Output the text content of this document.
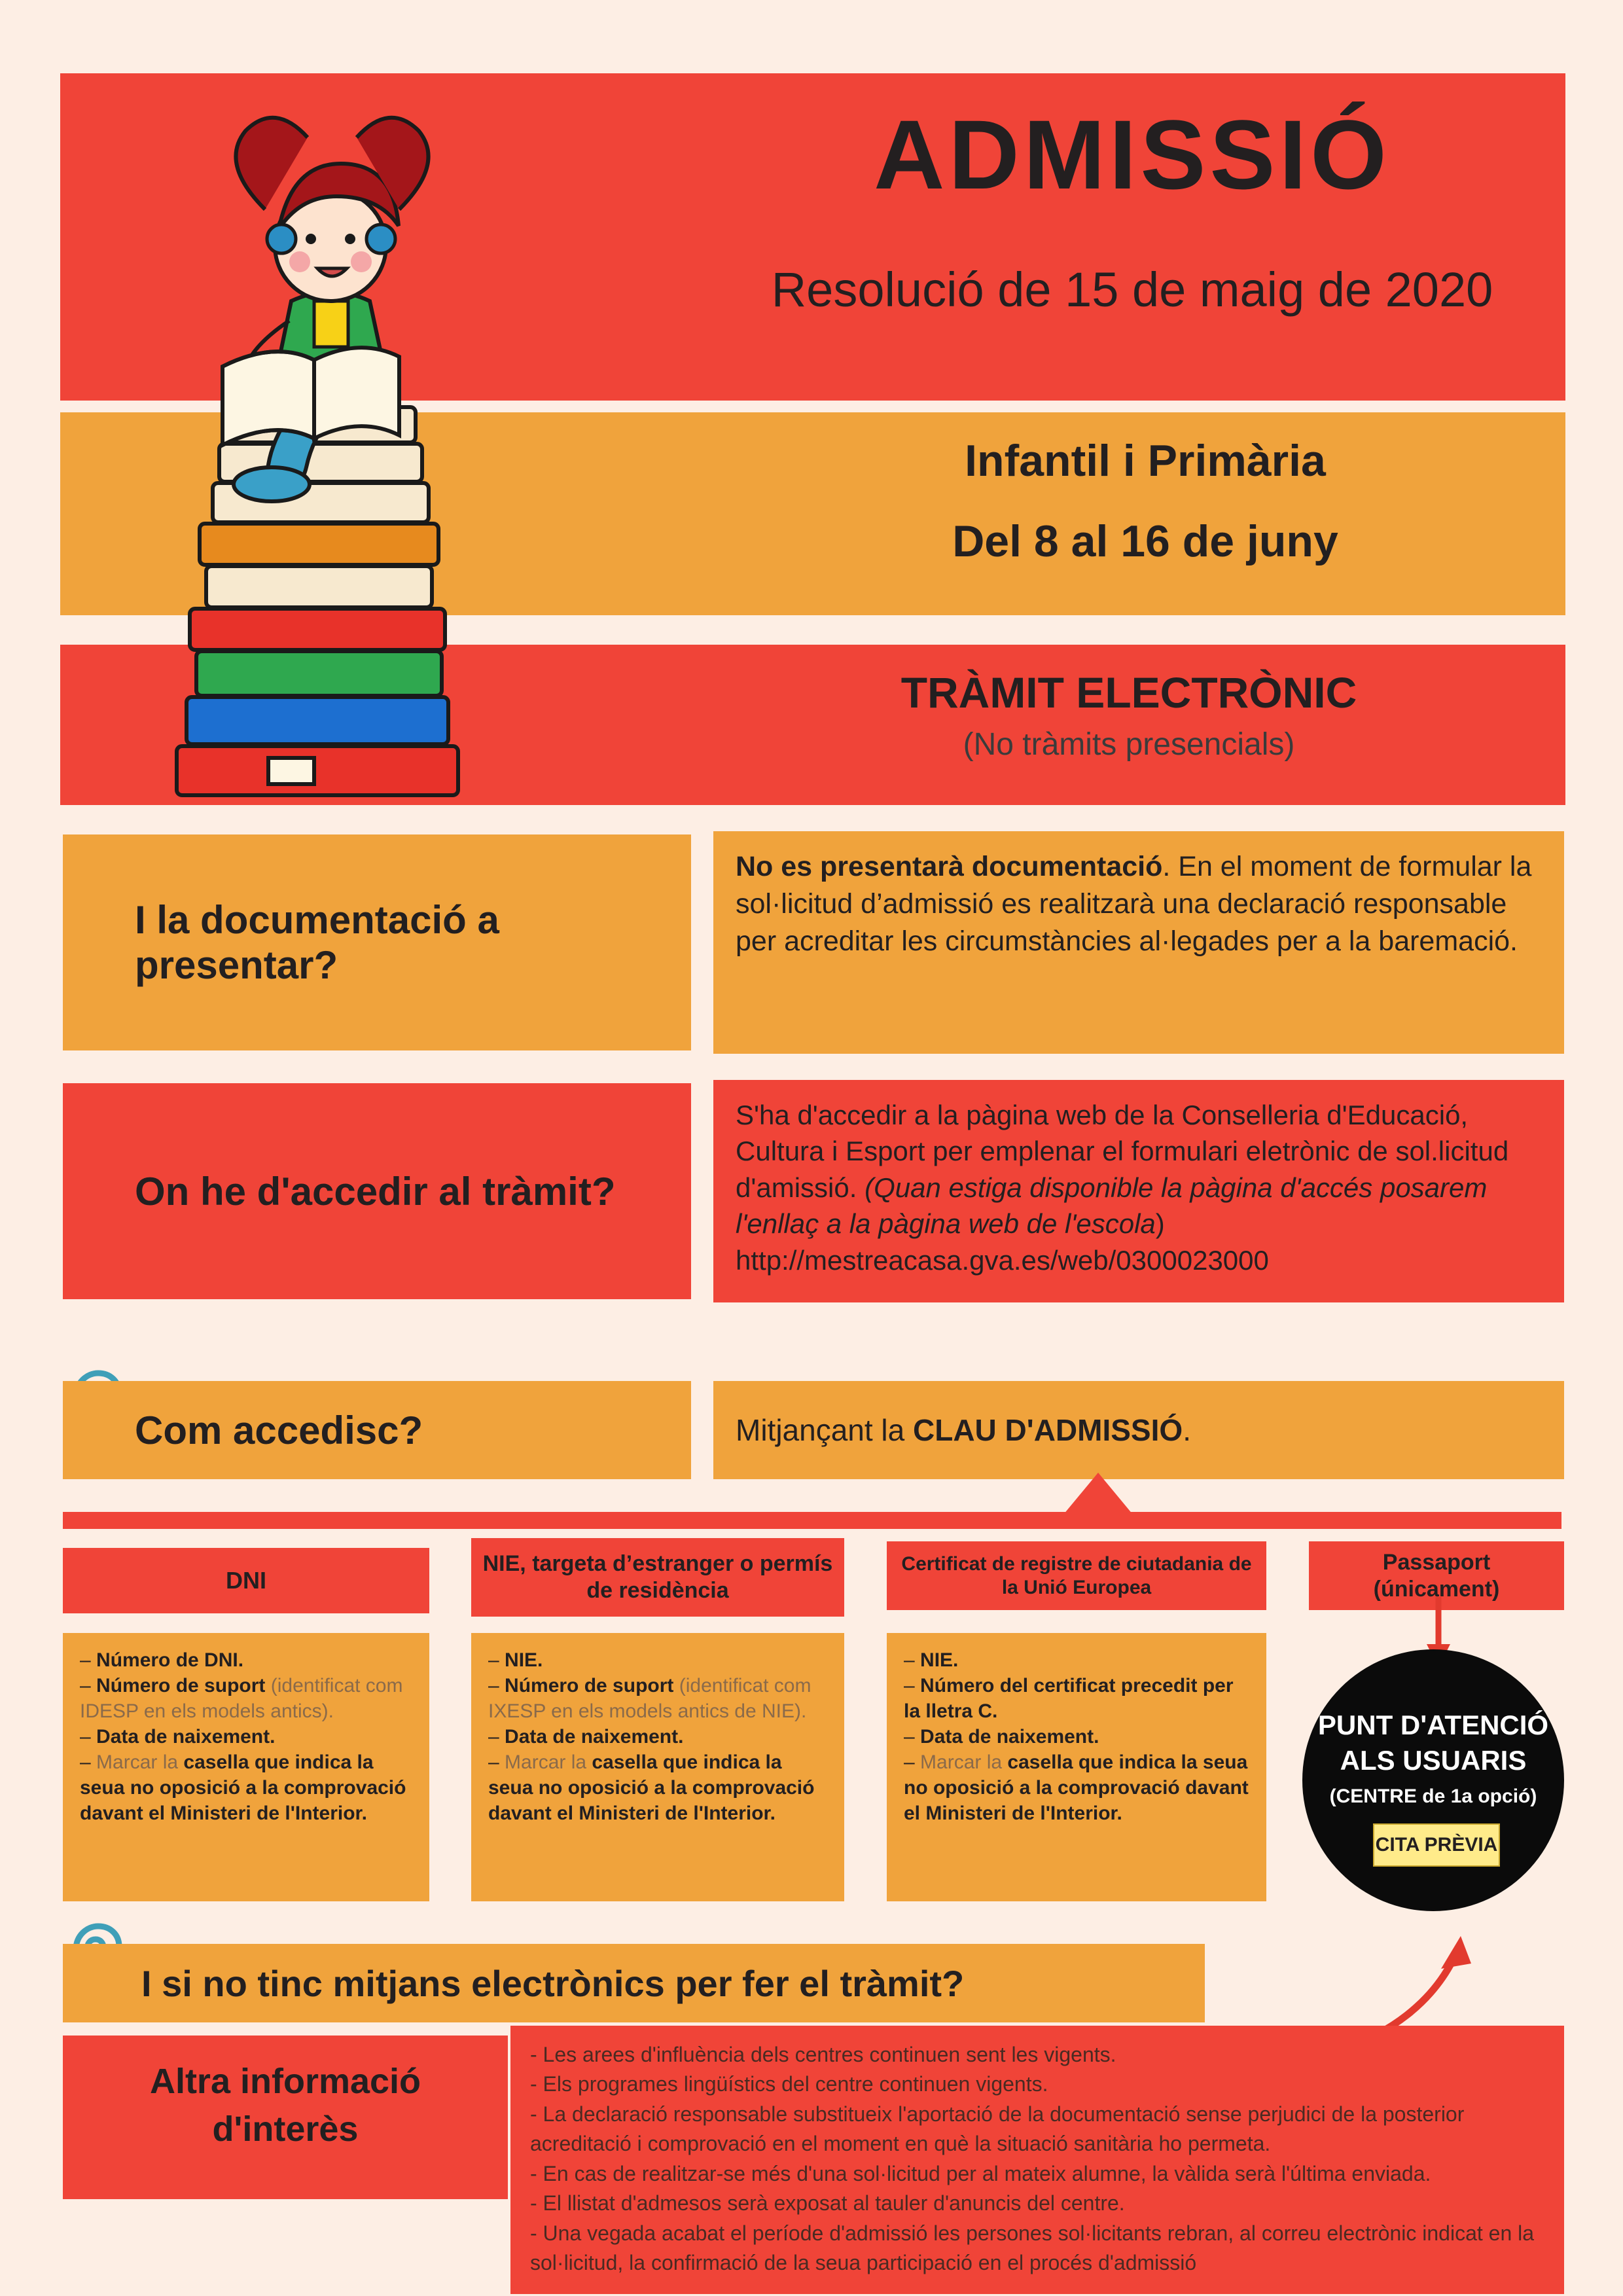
ADMISSIÓ
Resolució de 15 de maig de 2020
Infantil i Primària
Del 8 al 16 de juny
TRÀMIT ELECTRÒNIC
(No tràmits presencials)
I la documentació a presentar?
No es presentarà documentació. En el moment de formular la sol·licitud d’admissió es realitzarà una declaració responsable per acreditar les circumstàncies al·legades per a la baremació.
On he d'accedir al tràmit?
S'ha d'accedir a la pàgina web de la Conselleria d'Educació, Cultura i Esport per emplenar el formulari eletrònic de sol.licitud d'amissió. (Quan estiga disponible la pàgina d'accés posarem l'enllaç a la pàgina web de l'escola) http://mestreacasa.gva.es/web/0300023000
Com accedisc?	Mitjançant la CLAU D'ADMISSIÓ.
DNI
– Número de DNI.
– Número de suport (identificat com IDESP en els models antics).
– Data de naixement.
– Marcar la casella que indica la seua no oposició a la comprovació davant el Ministeri de l'Interior.
NIE, targeta d’estranger o permís de residència
– NIE.
– Número de suport (identificat com IXESP en els models antics de NIE).
– Data de naixement.
– Marcar la casella que indica la seua no oposició a la comprovació davant el Ministeri de l'Interior.
Certificat de registre de ciutadania de la Unió Europea
– NIE.
– Número del certificat precedit per la lletra C.
– Data de naixement.
– Marcar la casella que indica la seua no oposició a la comprovació davant el Ministeri de l'Interior.
Passaport (únicament)
PUNT D'ATENCIÓ
ALS USUARIS
(CENTRE de 1a opció)
CITA PRÈVIA
I si no tinc mitjans electrònics per fer el tràmit?
Altra informació
d'interès
- Les arees d'influència dels centres continuen sent les vigents.
- Els programes lingüístics del centre continuen vigents.
- La declaració responsable substitueix l'aportació de la documentació sense perjudici de la posterior acreditació i comprovació en el moment en què la situació sanitària ho permeta.
- En cas de realitzar-se més d'una sol·licitud per al mateix alumne, la vàlida serà l'última enviada.
- El llistat d'admesos serà exposat al tauler d'anuncis del centre.
- Una vegada acabat el període d'admissió les persones sol·licitants rebran, al correu electrònic indicat en la sol·licitud, la confirmació de la seua participació en el procés d'admissió
